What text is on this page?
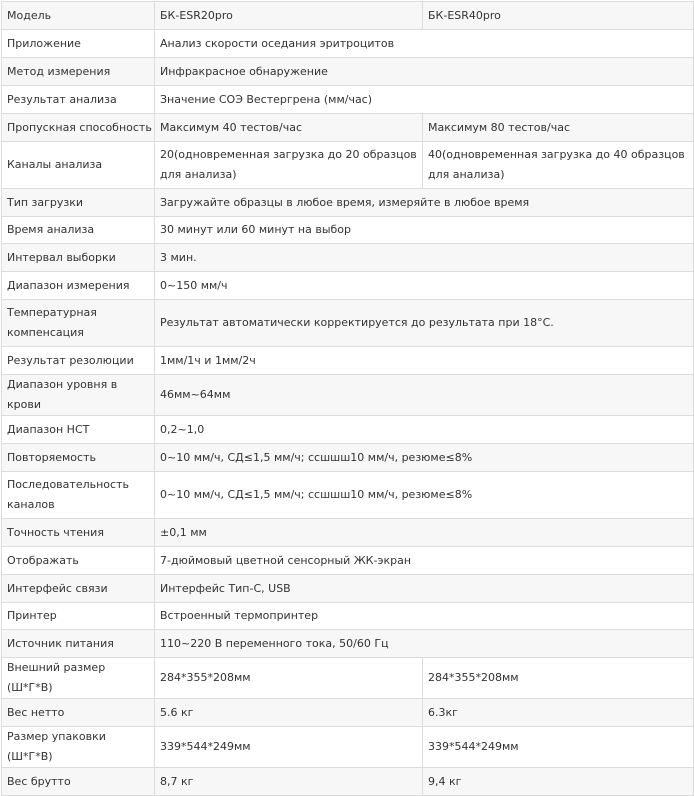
Модель	БК-ESR20pro	БК-ESR40pro
Приложение	Анализ скорости оседания эритроцитов	
Метод измерения	Инфракрасное обнаружение	
Результат анализа	Значение СОЭ Вестергрена (мм/час)	
Пропускная способность	Максимум 40 тестов/час	Максимум 80 тестов/час
Каналы анализа	20(одновременная загрузка до 20 образцов для анализа)	40(одновременная загрузка до 40 образцов для анализа)
Тип загрузки	Загружайте образцы в любое время, измеряйте в любое время	
Время анализа	30 минут или 60 минут на выбор	
Интервал выборки	3 мин.	
Диапазон измерения	0~150 мм/ч	
Температурная компенсация	Результат автоматически корректируется до результата при 18°C.	
Результат резолюции	1мм/1ч и 1мм/2ч	
Диапазон уровня в крови	46мм~64мм	
Диапазон HCT	0,2~1,0	
Повторяемость	0~10 мм/ч, СД≤1,5 мм/ч; ссшшш10 мм/ч, резюме≤8%	
Последовательность каналов	0~10 мм/ч, СД≤1,5 мм/ч; ссшшш10 мм/ч, резюме≤8%	
Точность чтения	±0,1 мм	
Отображать	7-дюймовый цветной сенсорный ЖК-экран	
Интерфейс связи	Интерфейс Тип-C, USB	
Принтер	Встроенный термопринтер	
Источник питания	110~220 В переменного тока, 50/60 Гц	
Внешний размер (Ш*Г*В)	284*355*208мм	284*355*208мм
Вес нетто	5.6 кг	6.3кг
Размер упаковки (Ш*Г*В)	339*544*249мм	339*544*249мм
Вес брутто	8,7 кг	9,4 кг
